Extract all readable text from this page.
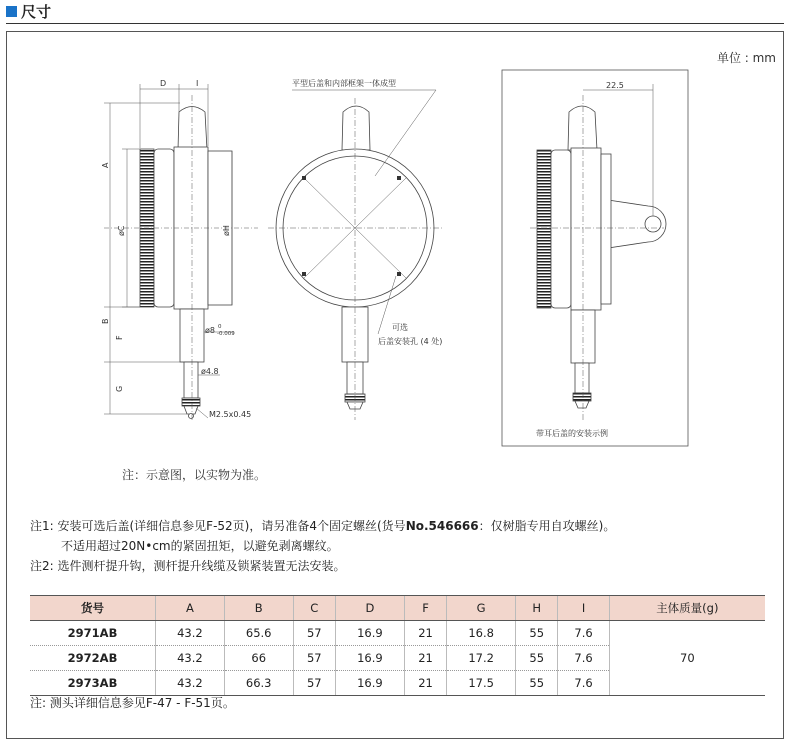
尺寸
单位 : mm
D	I
A
B
F
G
øC	øH
ø8 0
-0.009
ø4.8
M2.5x0.45
平型后盖和内部框架一体成型
可选
后盖安装孔 (4 处)
22.5
带耳后盖的安装示例
注：示意图，以实物为准。
注1: 安装可选后盖(详细信息参见F-52页)，请另准备4个固定螺丝(货号No.546666：仅树脂专用自攻螺丝)。
不适用超过20N•cm的紧固扭矩，以避免剥离螺纹。
注2: 选件测杆提升钩，测杆提升线缆及锁紧装置无法安装。
货号	A	B	C	D	F	G	H	I	主体质量(g)
2971AB	43.2	65.6	57	16.9	21	16.8	55	7.6	70
2972AB	43.2	66	57	16.9	21	17.2	55	7.6	
2973AB	43.2	66.3	57	16.9	21	17.5	55	7.6	
注: 测头详细信息参见F-47 - F-51页。
